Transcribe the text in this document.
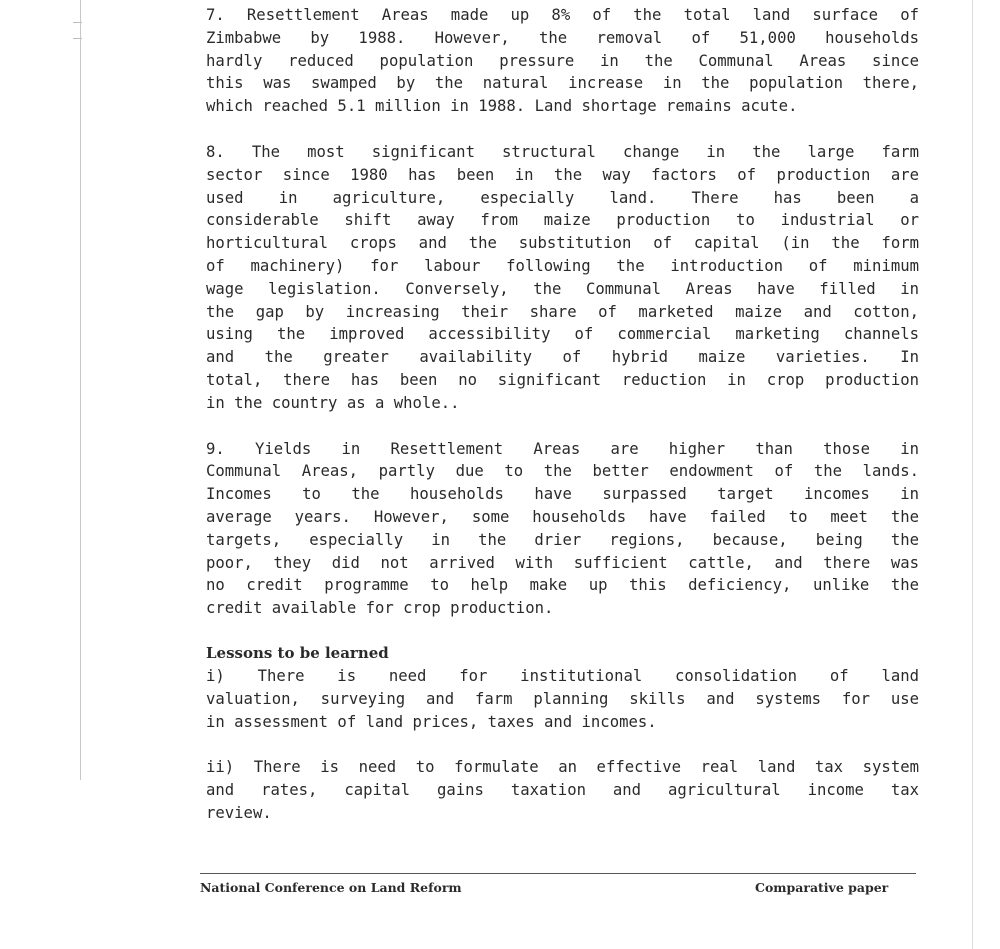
7. Resettlement Areas made up 8% of the total land surface of
Zimbabwe by 1988. However, the removal of 51,000 households
hardly reduced population pressure in the Communal Areas since
this was swamped by the natural increase in the population there,
which reached 5.1 million in 1988. Land shortage remains acute.
8. The most significant structural change in the large farm
sector since 1980 has been in the way factors of production are
used in agriculture, especially land. There has been a
considerable shift away from maize production to industrial or
horticultural crops and the substitution of capital (in the form
of machinery) for labour following the introduction of minimum
wage legislation. Conversely, the Communal Areas have filled in
the gap by increasing their share of marketed maize and cotton,
using the improved accessibility of commercial marketing channels
and the greater availability of hybrid maize varieties. In
total, there has been no significant reduction in crop production
in the country as a whole..
9. Yields in Resettlement Areas are higher than those in
Communal Areas, partly due to the better endowment of the lands.
Incomes to the households have surpassed target incomes in
average years. However, some households have failed to meet the
targets, especially in the drier regions, because, being the
poor, they did not arrived with sufficient cattle, and there was
no credit programme to help make up this deficiency, unlike the
credit available for crop production.
Lessons to be learned
i) There is need for institutional consolidation of land
valuation, surveying and farm planning skills and systems for use
in assessment of land prices, taxes and incomes.
ii) There is need to formulate an effective real land tax system
and rates, capital gains taxation and agricultural income tax
review.
National Conference on Land Reform	Comparative paper
